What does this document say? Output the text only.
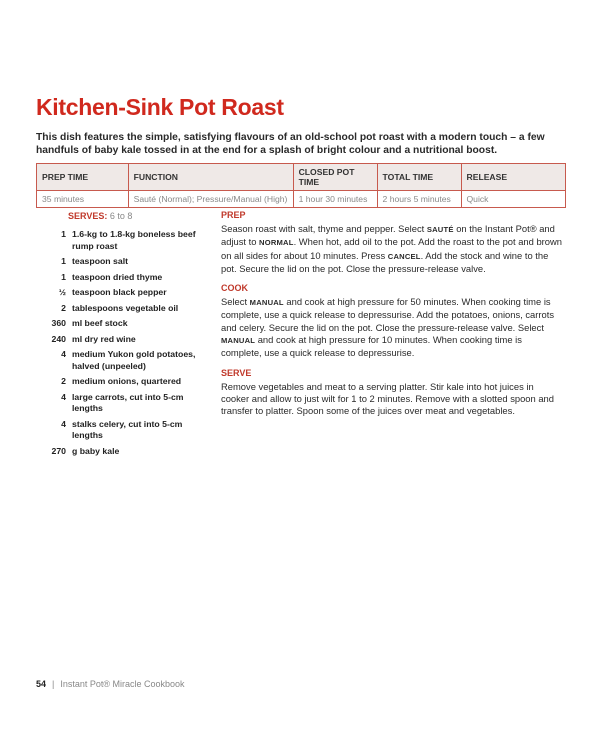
Kitchen-Sink Pot Roast

This dish features the simple, satisfying flavours of an old-school pot roast with a modern touch – a few handfuls of baby kale tossed in at the end for a splash of bright colour and a nutritional boost.

PREP TIME	FUNCTION	CLOSED POT TIME	TOTAL TIME	RELEASE
35 minutes	Sauté (Normal); Pressure/Manual (High)	1 hour 30 minutes	2 hours 5 minutes	Quick

SERVES: 6 to 8

1 1.6-kg to 1.8-kg boneless beef rump roast
1 teaspoon salt
1 teaspoon dried thyme
½ teaspoon black pepper
2 tablespoons vegetable oil
360 ml beef stock
240 ml dry red wine
4 medium Yukon gold potatoes, halved (unpeeled)
2 medium onions, quartered
4 large carrots, cut into 5-cm lengths
4 stalks celery, cut into 5-cm lengths
270 g baby kale
PREP

Season roast with salt, thyme and pepper. Select SAUTÉ on the Instant Pot® and adjust to NORMAL. When hot, add oil to the pot. Add the roast to the pot and brown on all sides for about 10 minutes. Press CANCEL. Add the stock and wine to the pot. Secure the lid on the pot. Close the pressure-release valve.

COOK

Select MANUAL and cook at high pressure for 50 minutes. When cooking time is complete, use a quick release to depressurise. Add the potatoes, onions, carrots and celery. Secure the lid on the pot. Close the pressure-release valve. Select MANUAL and cook at high pressure for 10 minutes. When cooking time is complete, use a quick release to depressurise.

SERVE

Remove vegetables and meat to a serving platter. Stir kale into hot juices in cooker and allow to just wilt for 1 to 2 minutes. Remove with a slotted spoon and transfer to platter. Spoon some of the juices over meat and vegetables.

54 | Instant Pot® Miracle Cookbook
